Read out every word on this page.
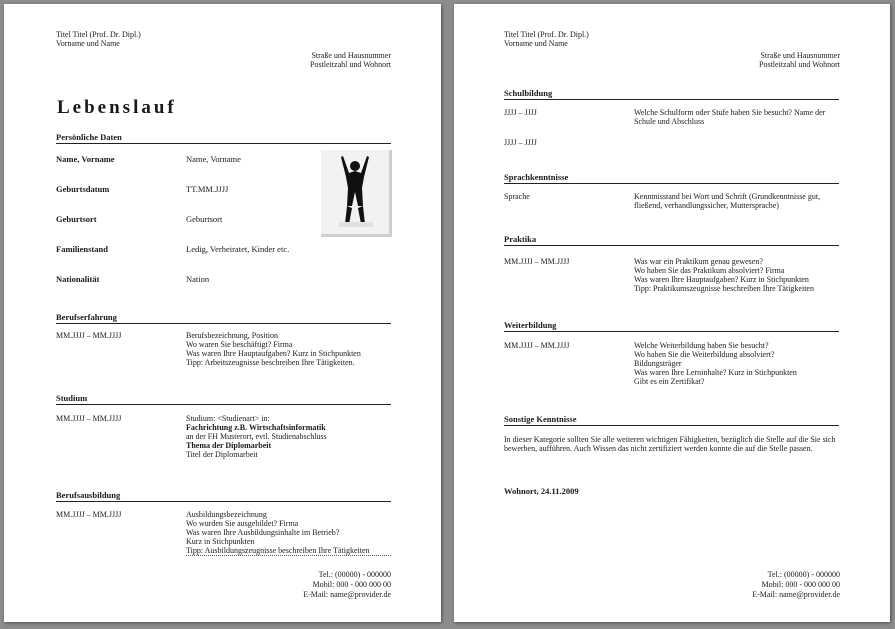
Titel Titel (Prof. Dr. Dipl.)
Vorname und Name
Straße und Hausnummer
Postleitzahl und Wohnort
Lebenslauf
Persönliche Daten
Name, Vorname	Name, Vorname
Geburtsdatum	TT.MM.JJJJ
Geburtsort	Geburtsort
Familienstand	Ledig, Verheiratet, Kinder etc.
Nationalität	Nation
Berufserfahrung
MM.JJJJ – MM.JJJJ	Berufsbezeichnung, Position
Wo waren Sie beschäftigt? Firma
Was waren Ihre Hauptaufgaben? Kurz in Stichpunkten
Tipp: Arbeitszeugnisse beschreiben Ihre Tätigkeiten.
Studium
MM.JJJJ – MM.JJJJ	Studium: <Studienart> in:
Fachrichtung z.B. Wirtschaftsinformatik
an der FH Musterort, evtl. Studienabschluss
Thema der Diplomarbeit
Titel der Diplomarbeit
Berufsausbildung
MM.JJJJ – MM.JJJJ	Ausbildungsbezeichnung
Wo wurden Sie ausgebildet? Firma
Was waren Ihre Ausbildungsinhalte im Betrieb?
Kurz in Stichpunkten
Tipp: Ausbildungszeugnisse beschreiben Ihre Tätigkeiten
Tel.: (00000) - 000000
Mobil: 000 - 000 000 00
E-Mail: name@provider.de
Titel Titel (Prof. Dr. Dipl.)
Vorname und Name
Straße und Hausnummer
Postleitzahl und Wohnort
Schulbildung
JJJJ – JJJJ	Welche Schulform oder Stufe haben Sie besucht? Name der Schule und Abschluss
JJJJ – JJJJ
Sprachkenntnisse
Sprache	Kenntnisstand bei Wort und Schrift (Grundkenntnisse gut, fließend, verhandlungssicher, Muttersprache)
Praktika
MM.JJJJ – MM.JJJJ	Was war ein Praktikum genau gewesen?
Wo haben Sie das Praktikum absolviert? Firma
Was waren Ihre Hauptaufgaben? Kurz in Stichpunkten
Tipp: Praktikumszeugnisse beschreiben Ihre Tätigkeiten
Weiterbildung
MM.JJJJ – MM.JJJJ	Welche Weiterbildung haben Sie besucht?
Wo haben Sie die Weiterbildung absolviert?
Bildungsträger
Was waren Ihre Lerninhalte? Kurz in Stichpunkten
Gibt es ein Zertifikat?
Sonstige Kenntnisse
In dieser Kategorie sollten Sie alle weiteren wichtigen Fähigkeiten, bezüglich die Stelle auf die Sie sich bewerben, aufführen. Auch Wissen das nicht zertifiziert werden konnte die auf die Stelle passen.
Wohnort, 24.11.2009
Tel.: (00000) - 000000
Mobil: 000 - 000 000 00
E-Mail: name@provider.de
